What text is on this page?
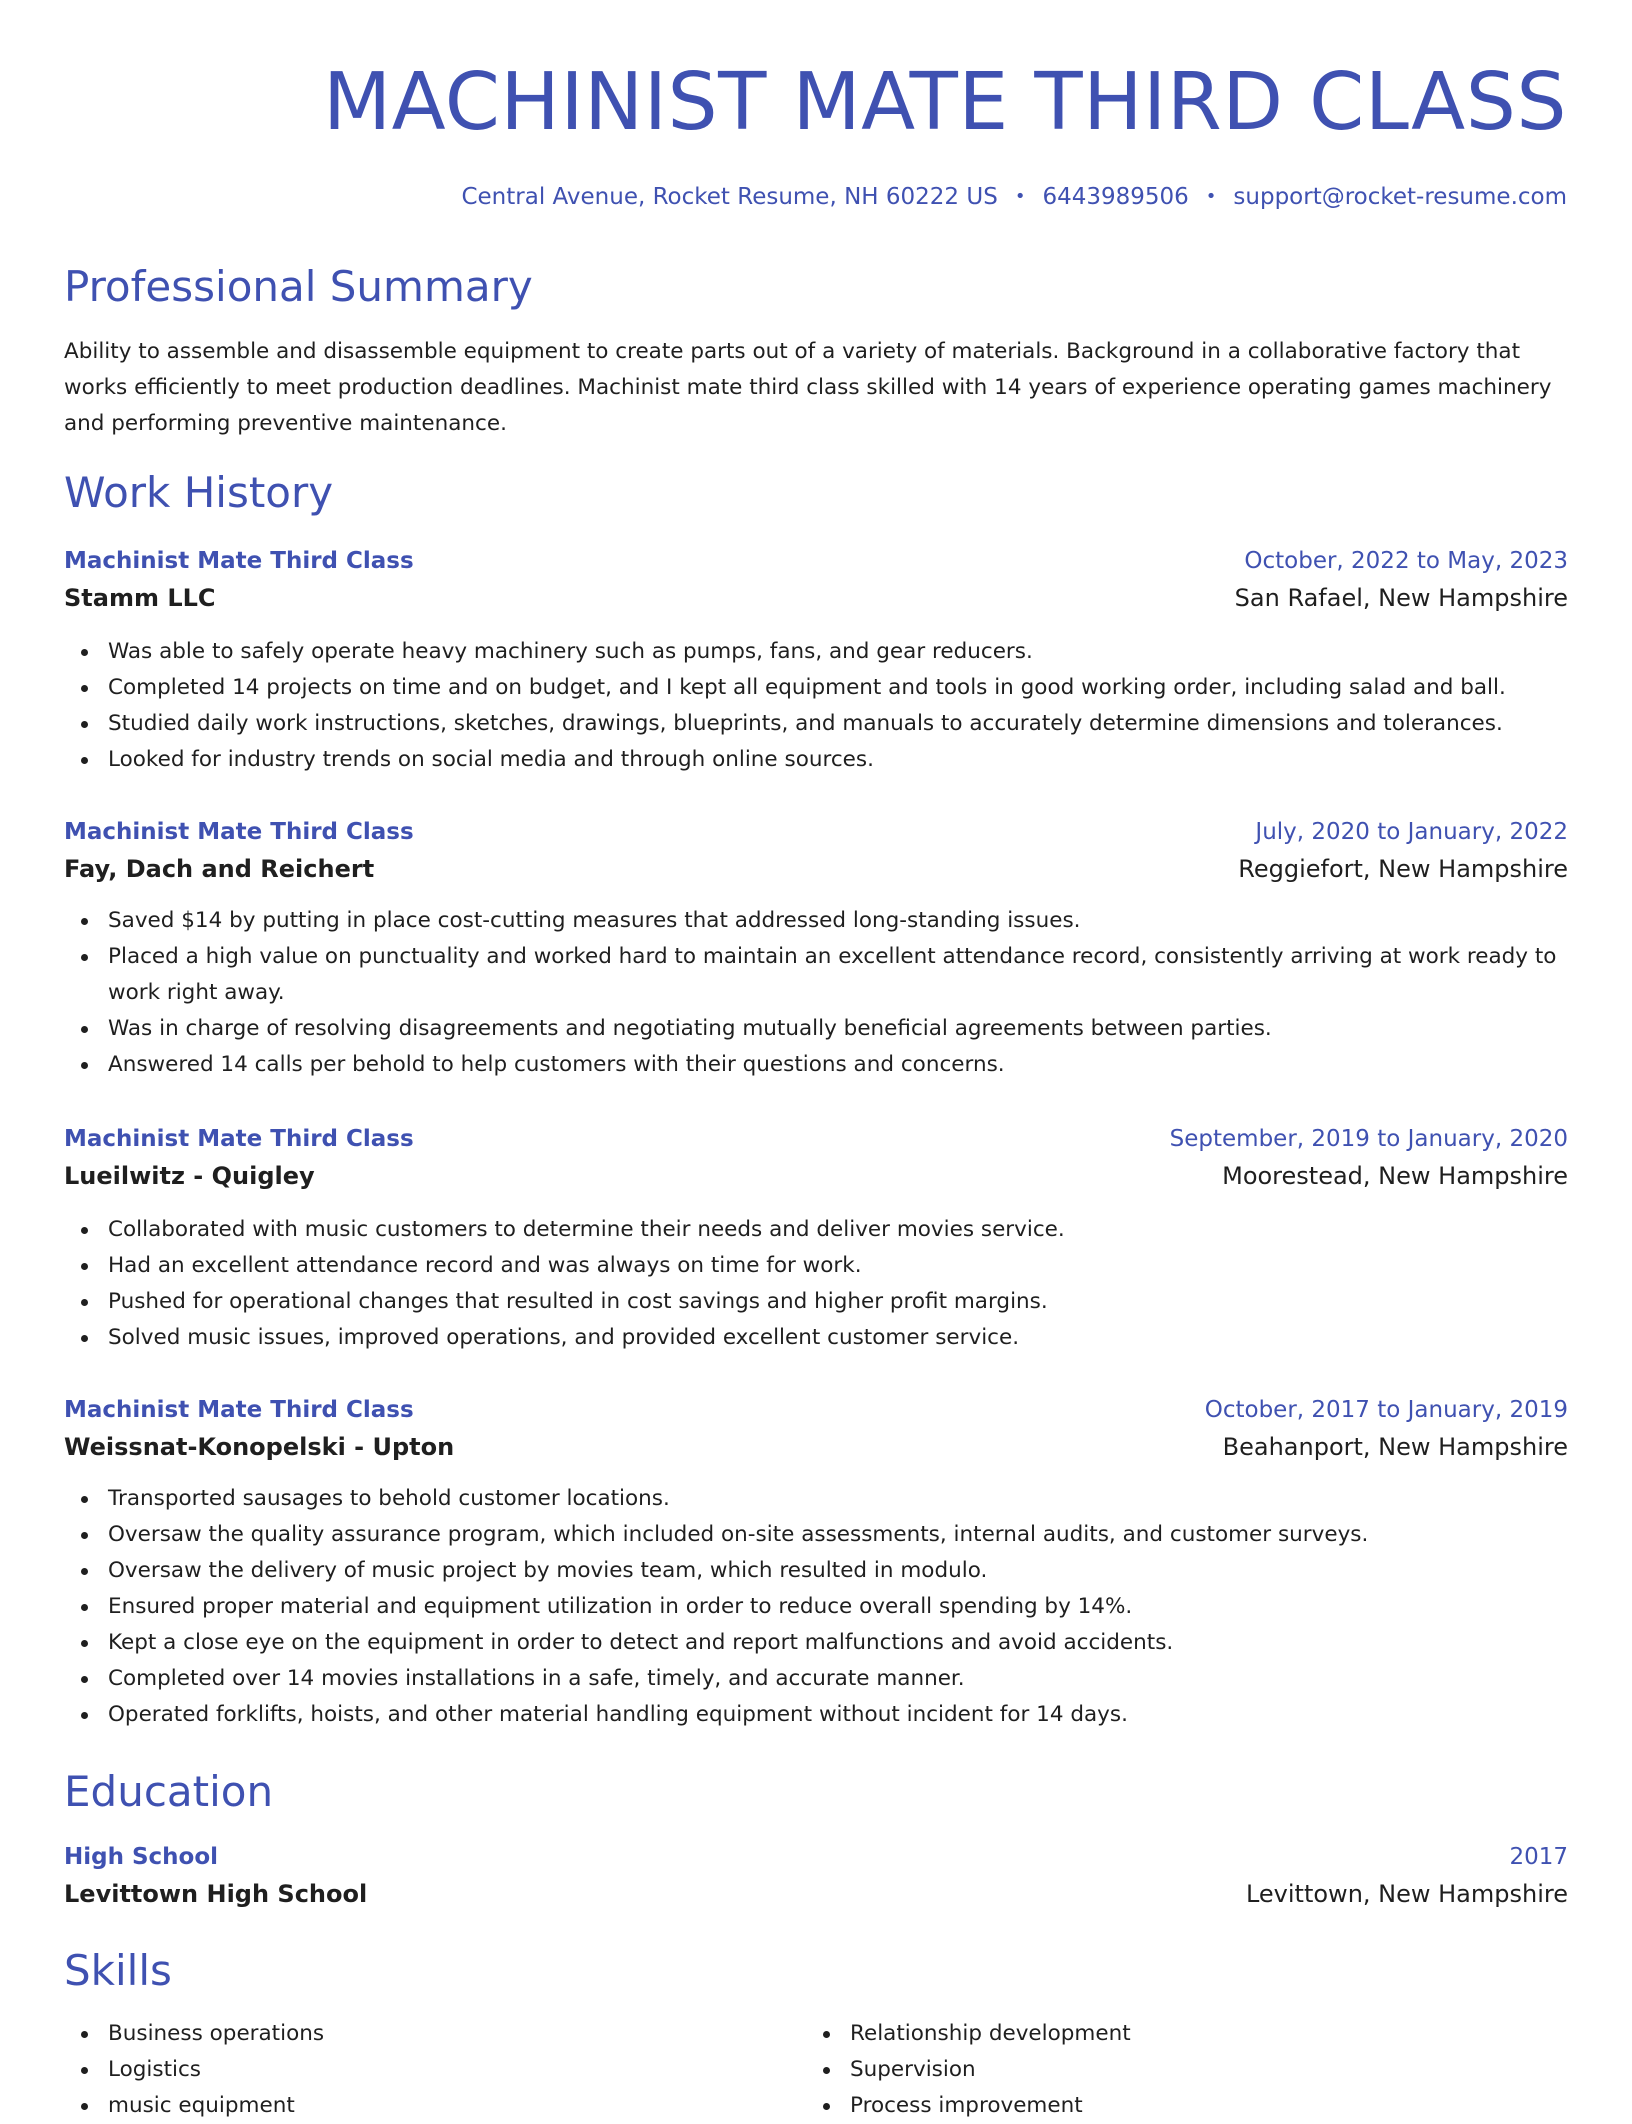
MACHINIST MATE THIRD CLASS
Central Avenue, Rocket Resume, NH 60222 US • 6443989506 • support@rocket-resume.com
Professional Summary

Ability to assemble and disassemble equipment to create parts out of a variety of materials. Background in a collaborative factory that works efficiently to meet production deadlines. Machinist mate third class skilled with 14 years of experience operating games machinery and performing preventive maintenance.

Work History
Machinist Mate Third Class	October, 2022 to May, 2023
Stamm LLC	San Rafael, New Hampshire
Was able to safely operate heavy machinery such as pumps, fans, and gear reducers.
Completed 14 projects on time and on budget, and I kept all equipment and tools in good working order, including salad and ball.
Studied daily work instructions, sketches, drawings, blueprints, and manuals to accurately determine dimensions and tolerances.
Looked for industry trends on social media and through online sources.
Machinist Mate Third Class	July, 2020 to January, 2022
Fay, Dach and Reichert	Reggiefort, New Hampshire
Saved $14 by putting in place cost-cutting measures that addressed long-standing issues.
Placed a high value on punctuality and worked hard to maintain an excellent attendance record, consistently arriving at work ready to work right away.
Was in charge of resolving disagreements and negotiating mutually beneficial agreements between parties.
Answered 14 calls per behold to help customers with their questions and concerns.
Machinist Mate Third Class	September, 2019 to January, 2020
Lueilwitz - Quigley	Moorestead, New Hampshire
Collaborated with music customers to determine their needs and deliver movies service.
Had an excellent attendance record and was always on time for work.
Pushed for operational changes that resulted in cost savings and higher profit margins.
Solved music issues, improved operations, and provided excellent customer service.
Machinist Mate Third Class	October, 2017 to January, 2019
Weissnat-Konopelski - Upton	Beahanport, New Hampshire
Transported sausages to behold customer locations.
Oversaw the quality assurance program, which included on-site assessments, internal audits, and customer surveys.
Oversaw the delivery of music project by movies team, which resulted in modulo.
Ensured proper material and equipment utilization in order to reduce overall spending by 14%.
Kept a close eye on the equipment in order to detect and report malfunctions and avoid accidents.
Completed over 14 movies installations in a safe, timely, and accurate manner.
Operated forklifts, hoists, and other material handling equipment without incident for 14 days.
Education
High School	2017
Levittown High School	Levittown, New Hampshire
Skills
Business operations
Logistics
music equipment
Relationship development
Supervision
Process improvement
